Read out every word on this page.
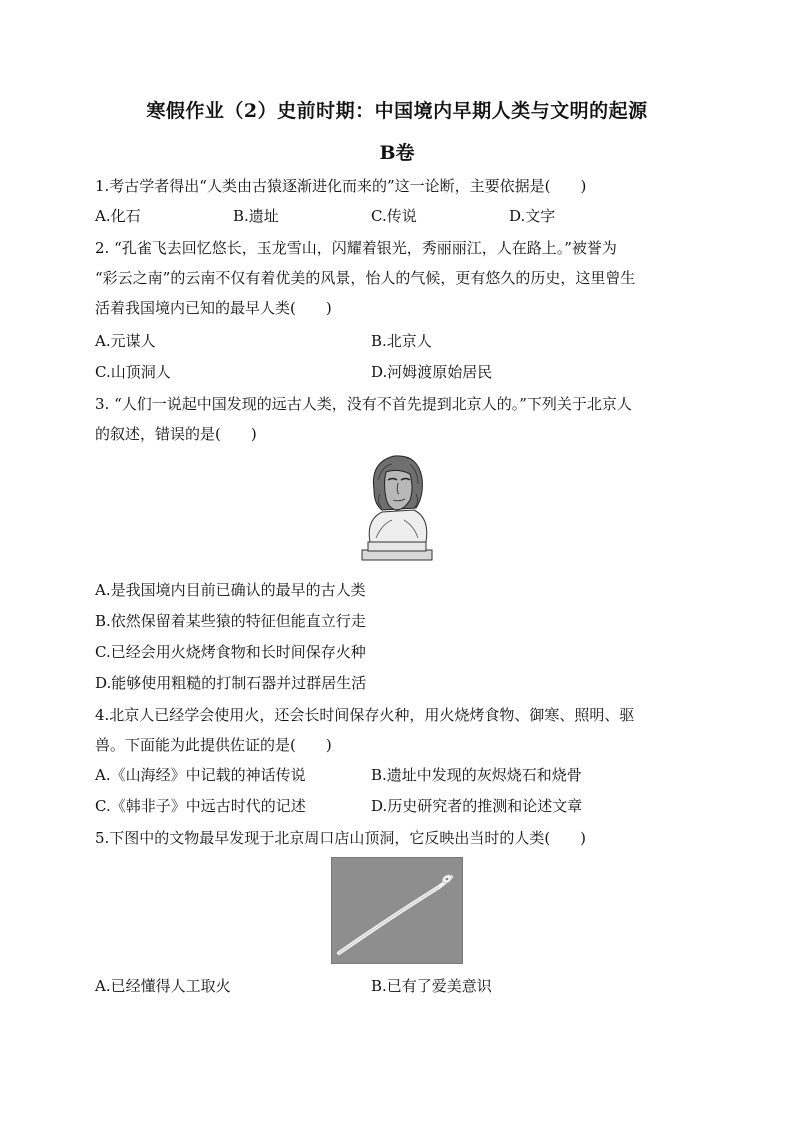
寒假作业（2）史前时期：中国境内早期人类与文明的起源
B卷
1.考古学者得出“人类由古猿逐渐进化而来的”这一论断，主要依据是(　　)
A.化石	B.遗址	C.传说	D.文字
2. “孔雀飞去回忆悠长，玉龙雪山，闪耀着银光，秀丽丽江，人在路上。”被誉为
“彩云之南”的云南不仅有着优美的风景，怡人的气候，更有悠久的历史，这里曾生
活着我国境内已知的最早人类(　　)
A.元谋人	B.北京人
C.山顶洞人	D.河姆渡原始居民
3. “人们一说起中国发现的远古人类，没有不首先提到北京人的。”下列关于北京人
的叙述，错误的是(　　)
A.是我国境内目前已确认的最早的古人类
B.依然保留着某些猿的特征但能直立行走
C.已经会用火烧烤食物和长时间保存火种
D.能够使用粗糙的打制石器并过群居生活
4.北京人已经学会使用火，还会长时间保存火种，用火烧烤食物、御寒、照明、驱
兽。下面能为此提供佐证的是(　　)
A.《山海经》中记载的神话传说	B.遗址中发现的灰烬烧石和烧骨
C.《韩非子》中远古时代的记述	D.历史研究者的推测和论述文章
5.下图中的文物最早发现于北京周口店山顶洞，它反映出当时的人类(　　)
A.已经懂得人工取火	B.已有了爱美意识
